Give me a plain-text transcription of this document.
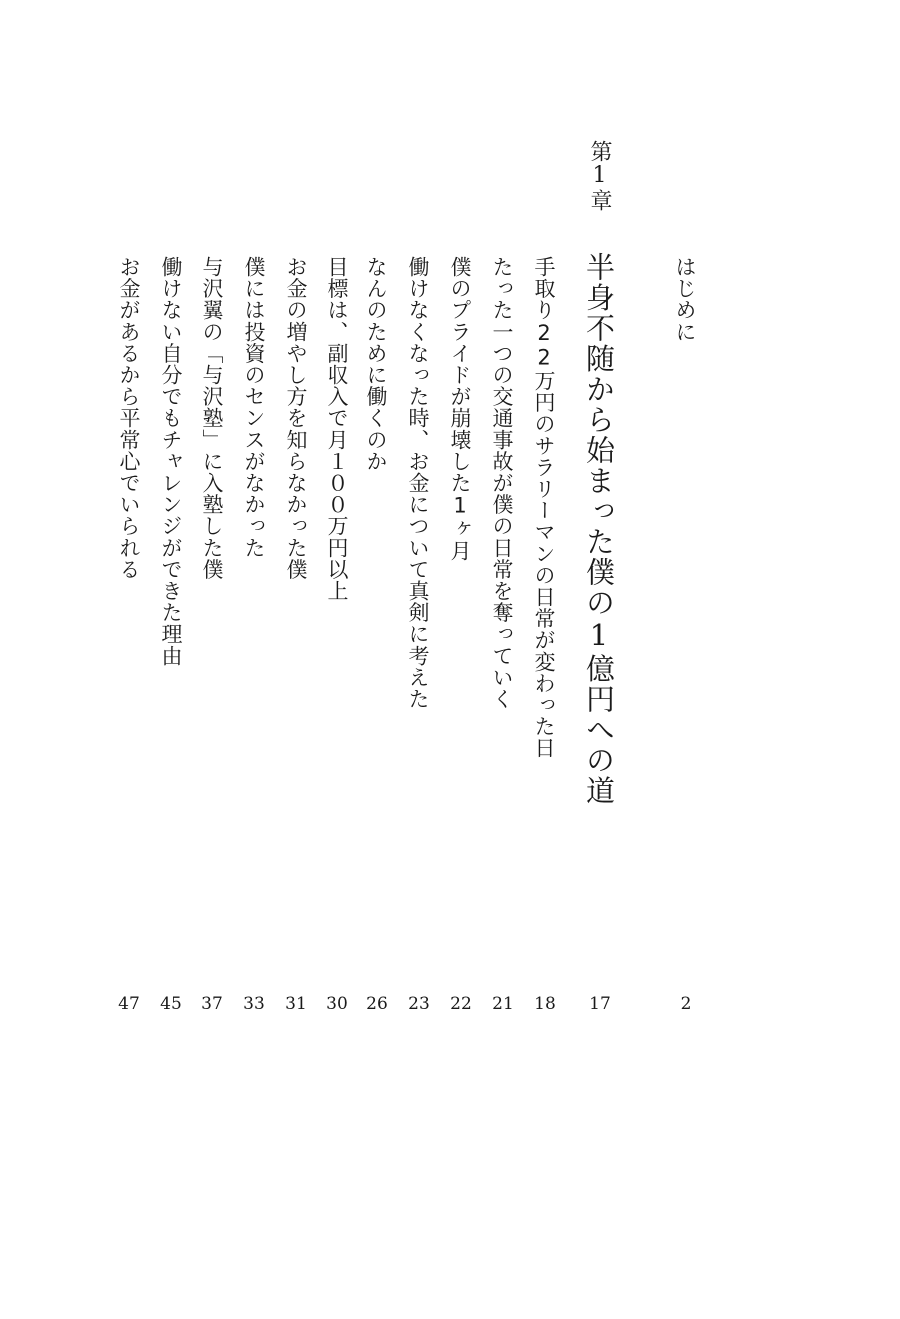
はじめに
2
第1章
半身不随から始まった僕の1億円への道
17
手取り22万円のサラリーマンの日常が変わった日
18
たった一つの交通事故が僕の日常を奪っていく
21
僕のプライドが崩壊した1ヶ月
22
働けなくなった時、お金について真剣に考えた
23
なんのために働くのか
26
目標は、副収入で月１００万円以上
30
お金の増やし方を知らなかった僕
31
僕には投資のセンスがなかった
33
与沢翼の「与沢塾」に入塾した僕
37
働けない自分でもチャレンジができた理由
45
お金があるから平常心でいられる
47
